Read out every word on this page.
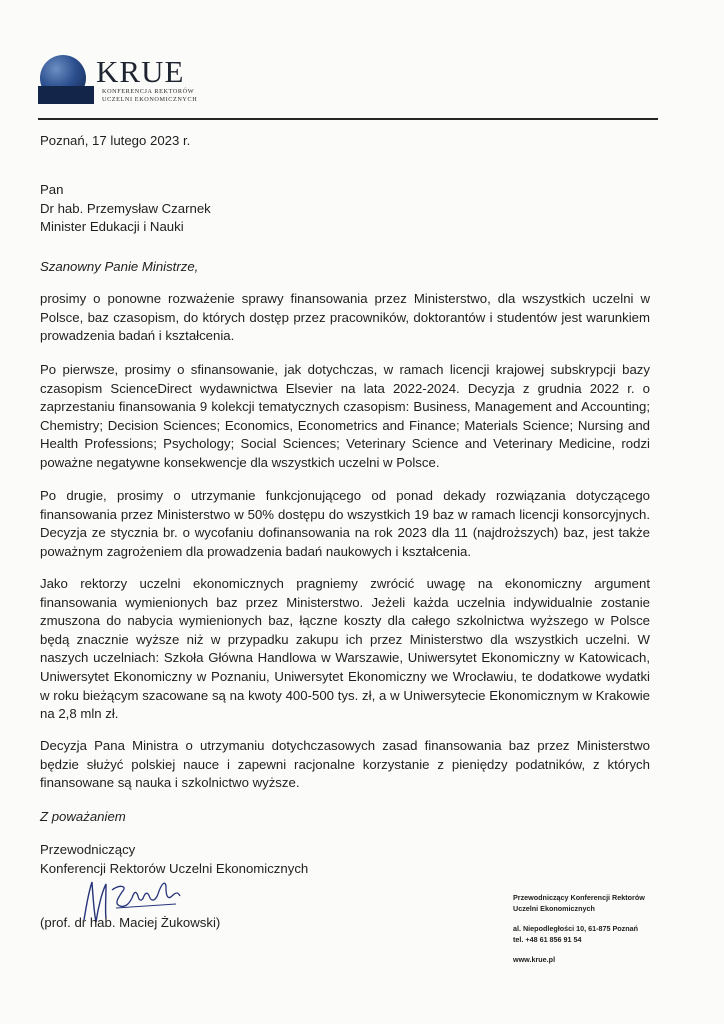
KRUE
KONFERENCJA REKTORÓW
UCZELNI EKONOMICZNYCH

Poznań, 17 lutego 2023 r.

Pan
Dr hab. Przemysław Czarnek
Minister Edukacji i Nauki

Szanowny Panie Ministrze,

prosimy o ponowne rozważenie sprawy finansowania przez Ministerstwo, dla wszystkich uczelni w Polsce, baz czasopism, do których dostęp przez pracowników, doktorantów i studentów jest warunkiem prowadzenia badań i kształcenia.

Po pierwsze, prosimy o sfinansowanie, jak dotychczas, w ramach licencji krajowej subskrypcji bazy czasopism ScienceDirect wydawnictwa Elsevier na lata 2022-2024. Decyzja z grudnia 2022 r. o zaprzestaniu finansowania 9 kolekcji tematycznych czasopism: Business, Management and Accounting; Chemistry; Decision Sciences; Economics, Econometrics and Finance; Materials Science; Nursing and Health Professions; Psychology; Social Sciences; Veterinary Science and Veterinary Medicine, rodzi poważne negatywne konsekwencje dla wszystkich uczelni w Polsce.

Po drugie, prosimy o utrzymanie funkcjonującego od ponad dekady rozwiązania dotyczącego finansowania przez Ministerstwo w 50% dostępu do wszystkich 19 baz w ramach licencji konsorcyjnych. Decyzja ze stycznia br. o wycofaniu dofinansowania na rok 2023 dla 11 (najdroższych) baz, jest także poważnym zagrożeniem dla prowadzenia badań naukowych i kształcenia.

Jako rektorzy uczelni ekonomicznych pragniemy zwrócić uwagę na ekonomiczny argument finansowania wymienionych baz przez Ministerstwo. Jeżeli każda uczelnia indywidualnie zostanie zmuszona do nabycia wymienionych baz, łączne koszty dla całego szkolnictwa wyższego w Polsce będą znacznie wyższe niż w przypadku zakupu ich przez Ministerstwo dla wszystkich uczelni. W naszych uczelniach: Szkoła Główna Handlowa w Warszawie, Uniwersytet Ekonomiczny w Katowicach, Uniwersytet Ekonomiczny w Poznaniu, Uniwersytet Ekonomiczny we Wrocławiu, te dodatkowe wydatki w roku bieżącym szacowane są na kwoty 400-500 tys. zł, a w Uniwersytecie Ekonomicznym w Krakowie na 2,8 mln zł.

Decyzja Pana Ministra o utrzymaniu dotychczasowych zasad finansowania baz przez Ministerstwo będzie służyć polskiej nauce i zapewni racjonalne korzystanie z pieniędzy podatników, z których finansowane są nauka i szkolnictwo wyższe.

Z poważaniem

Przewodniczący
Konferencji Rektorów Uczelni Ekonomicznych

(prof. dr hab. Maciej Żukowski)

Przewodniczący Konferencji Rektorów
Uczelni Ekonomicznych
al. Niepodległości 10, 61-875 Poznań
tel. +48 61 856 91 54
www.krue.pl
